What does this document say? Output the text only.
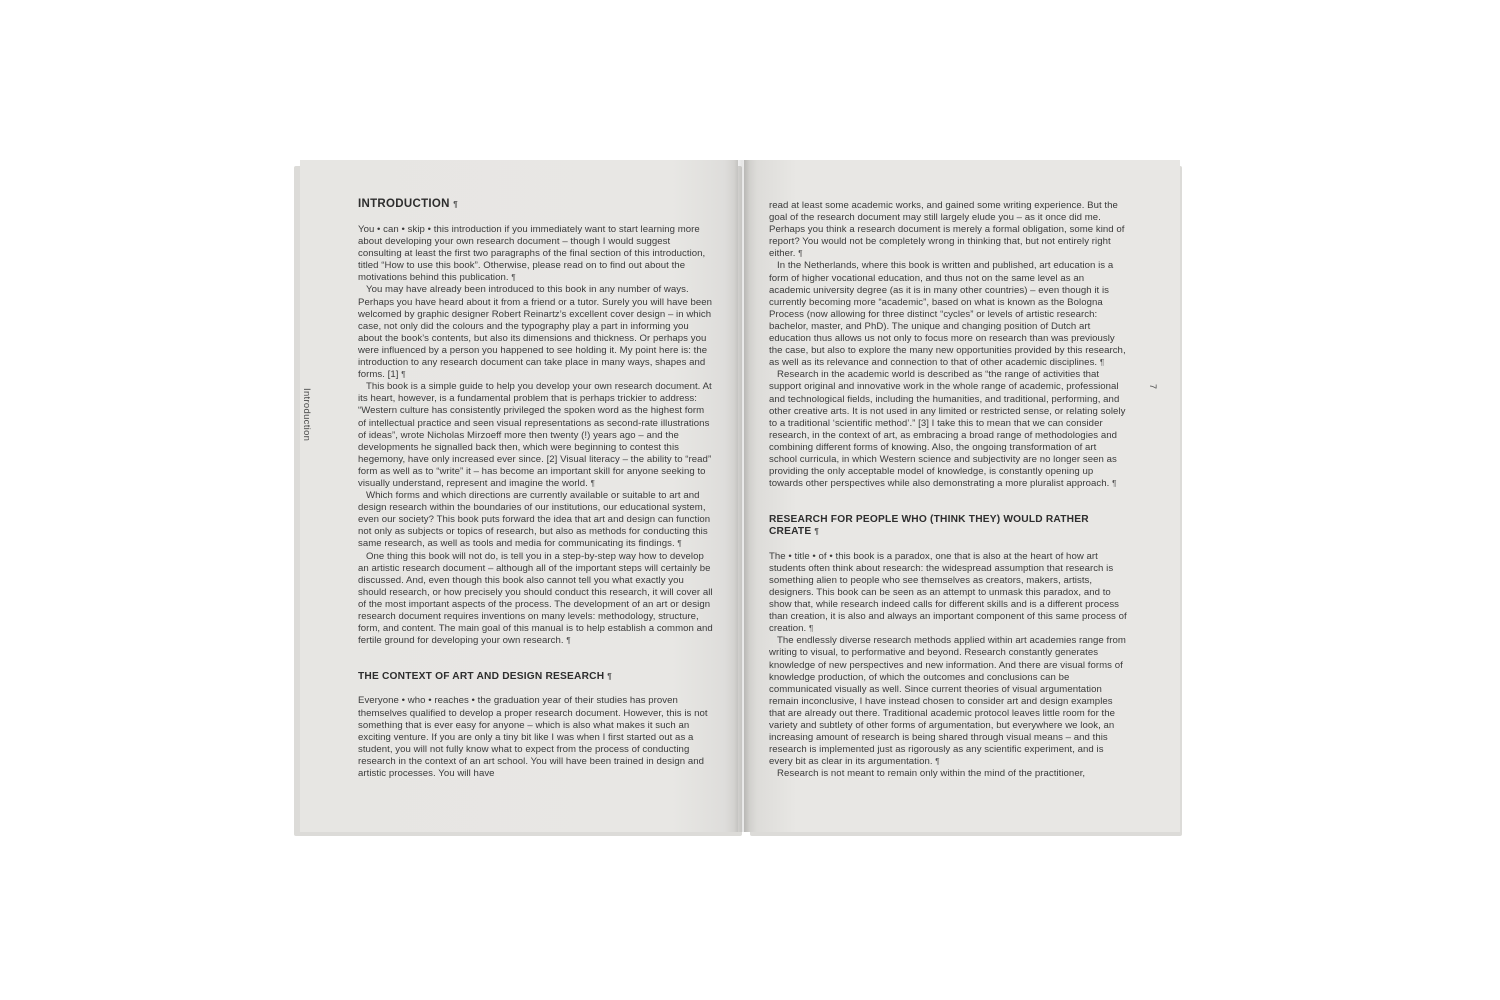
Introduction
7
INTRODUCTION ¶

You • can • skip • this introduction if you immediately want to start learning more about developing your own research document – though I would suggest consulting at least the first two paragraphs of the final section of this introduction, titled “How to use this book”. Otherwise, please read on to find out about the motivations behind this publication. ¶

You may have already been introduced to this book in any number of ways. Perhaps you have heard about it from a friend or a tutor. Surely you will have been welcomed by graphic designer Robert Reinartz’s excellent cover design – in which case, not only did the colours and the typography play a part in informing you about the book’s contents, but also its dimensions and thickness. Or perhaps you were influenced by a person you happened to see holding it. My point here is: the introduction to any research document can take place in many ways, shapes and forms. [1] ¶

This book is a simple guide to help you develop your own research document. At its heart, however, is a fundamental problem that is perhaps trickier to address: “Western culture has consistently privileged the spoken word as the highest form of intellectual practice and seen visual representations as second-rate illustrations of ideas”, wrote Nicholas Mirzoeff more then twenty (!) years ago – and the developments he signalled back then, which were beginning to contest this hegemony, have only increased ever since. [2] Visual literacy – the ability to “read” form as well as to “write” it – has become an important skill for anyone seeking to visually understand, represent and imagine the world. ¶

Which forms and which directions are currently available or suitable to art and design research within the boundaries of our institutions, our educational system, even our society? This book puts forward the idea that art and design can function not only as subjects or topics of research, but also as methods for conducting this same research, as well as tools and media for communicating its findings. ¶

One thing this book will not do, is tell you in a step-by-step way how to develop an artistic research document – although all of the important steps will certainly be discussed. And, even though this book also cannot tell you what exactly you should research, or how precisely you should conduct this research, it will cover all of the most important aspects of the process. The development of an art or design research document requires inventions on many levels: methodology, structure, form, and content. The main goal of this manual is to help establish a common and fertile ground for developing your own research. ¶

THE CONTEXT OF ART AND DESIGN RESEARCH ¶

Everyone • who • reaches • the graduation year of their studies has proven themselves qualified to develop a proper research document. However, this is not something that is ever easy for anyone – which is also what makes it such an exciting venture. If you are only a tiny bit like I was when I first started out as a student, you will not fully know what to expect from the process of conducting research in the context of an art school. You will have been trained in design and artistic processes. You will have

read at least some academic works, and gained some writing experience. But the goal of the research document may still largely elude you – as it once did me. Perhaps you think a research document is merely a formal obligation, some kind of report? You would not be completely wrong in thinking that, but not entirely right either. ¶

In the Netherlands, where this book is written and published, art education is a form of higher vocational education, and thus not on the same level as an academic university degree (as it is in many other countries) – even though it is currently becoming more “academic”, based on what is known as the Bologna Process (now allowing for three distinct “cycles” or levels of artistic research: bachelor, master, and PhD). The unique and changing position of Dutch art education thus allows us not only to focus more on research than was previously the case, but also to explore the many new opportunities provided by this research, as well as its relevance and connection to that of other academic disciplines. ¶

Research in the academic world is described as “the range of activities that support original and innovative work in the whole range of academic, professional and technological fields, including the humanities, and traditional, performing, and other creative arts. It is not used in any limited or restricted sense, or relating solely to a traditional ‘scientific method’.” [3] I take this to mean that we can consider research, in the context of art, as embracing a broad range of methodologies and combining different forms of knowing. Also, the ongoing transformation of art school curricula, in which Western science and subjectivity are no longer seen as providing the only acceptable model of knowledge, is constantly opening up towards other perspectives while also demonstrating a more pluralist approach. ¶

RESEARCH FOR PEOPLE WHO (THINK THEY) WOULD RATHER CREATE ¶

The • title • of • this book is a paradox, one that is also at the heart of how art students often think about research: the widespread assumption that research is something alien to people who see themselves as creators, makers, artists, designers. This book can be seen as an attempt to unmask this paradox, and to show that, while research indeed calls for different skills and is a different process than creation, it is also and always an important component of this same process of creation. ¶

The endlessly diverse research methods applied within art academies range from writing to visual, to performative and beyond. Research constantly generates knowledge of new perspectives and new information. And there are visual forms of knowledge production, of which the outcomes and conclusions can be communicated visually as well. Since current theories of visual argumentation remain inconclusive, I have instead chosen to consider art and design examples that are already out there. Traditional academic protocol leaves little room for the variety and subtlety of other forms of argumentation, but everywhere we look, an increasing amount of research is being shared through visual means – and this research is implemented just as rigorously as any scientific experiment, and is every bit as clear in its argumentation. ¶

Research is not meant to remain only within the mind of the practitioner,
